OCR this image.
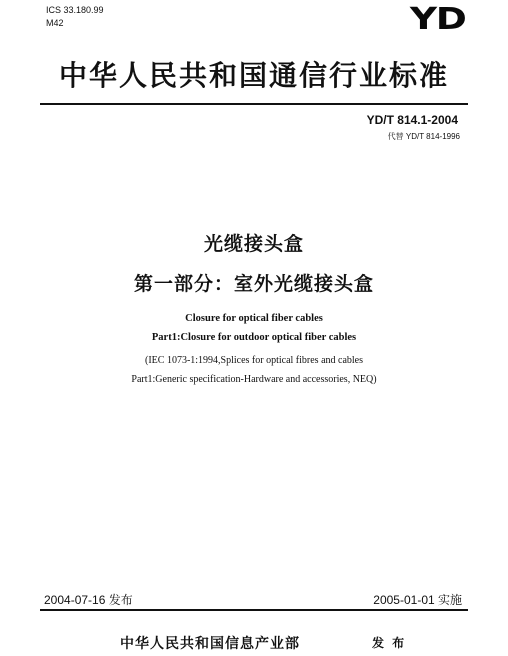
ICS 33.180.99
M42	YD
中华人民共和国通信行业标准
YD/T 814.1-2004
代替 YD/T 814-1996
光缆接头盒
第一部分：室外光缆接头盒
Closure for optical fiber cables
Part1:Closure for outdoor optical fiber cables
(IEC 1073-1:1994,Splices for optical fibres and cables
Part1:Generic specification-Hardware and accessories, NEQ)
2004-07-16 发布	2005-01-01 实施
中华人民共和国信息产业部	发 布
